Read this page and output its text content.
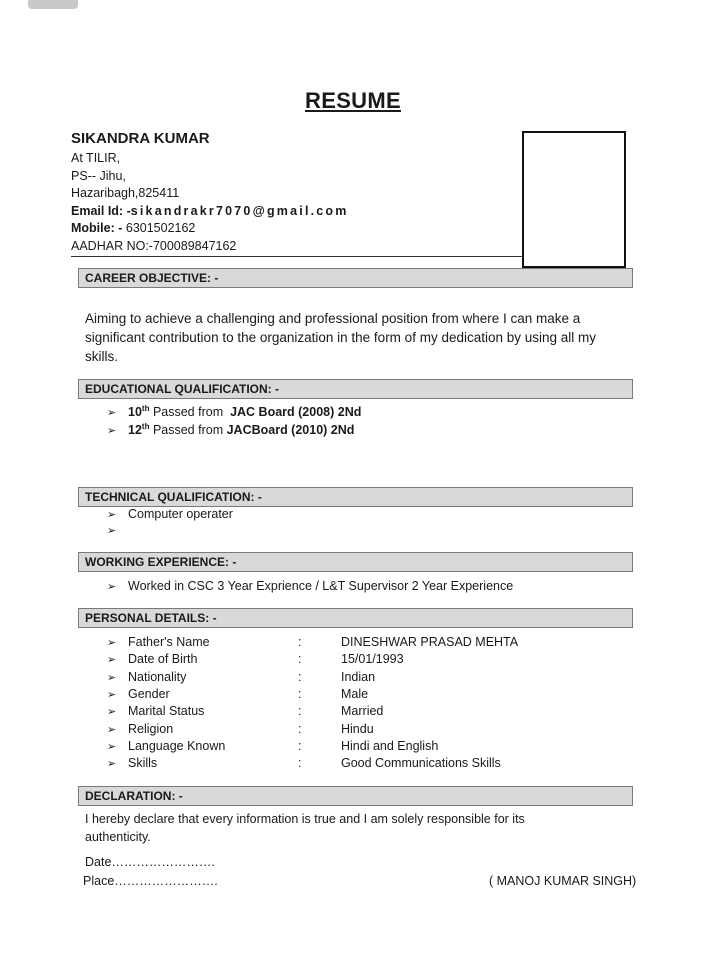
RESUME
SIKANDRA KUMAR
At TILIR,
PS-- Jihu,
Hazaribagh,825411
Email Id: -sikandrakr7070@gmail.com
Mobile: - 6301502162
AADHAR NO:-700089847162
CAREER OBJECTIVE: -
Aiming to achieve a challenging and professional position from where I can make a significant contribution to the organization in the form of my dedication by using all my skills.
EDUCATIONAL QUALIFICATION: -
➢ 10th Passed from  JAC Board (2008) 2Nd
➢ 12th Passed from JACBoard (2010) 2Nd
TECHNICAL QUALIFICATION: -
➢ Computer operater
➢
WORKING EXPERIENCE: -
➢ Worked in CSC 3 Year Exprience / L&T Supervisor 2 Year Experience
PERSONAL DETAILS: -
➢ Father's Name	:	DINESHWAR PRASAD MEHTA
➢ Date of Birth	:	15/01/1993
➢ Nationality	:	Indian
➢ Gender	:	Male
➢ Marital Status	:	Married
➢ Religion	:	Hindu
➢ Language Known	:	Hindi and English
➢ Skills	:	Good Communications Skills
DECLARATION: -
I hereby declare that every information is true and I am solely responsible for its authenticity.
Date…………………….
Place…………………….	( MANOJ KUMAR SINGH)
